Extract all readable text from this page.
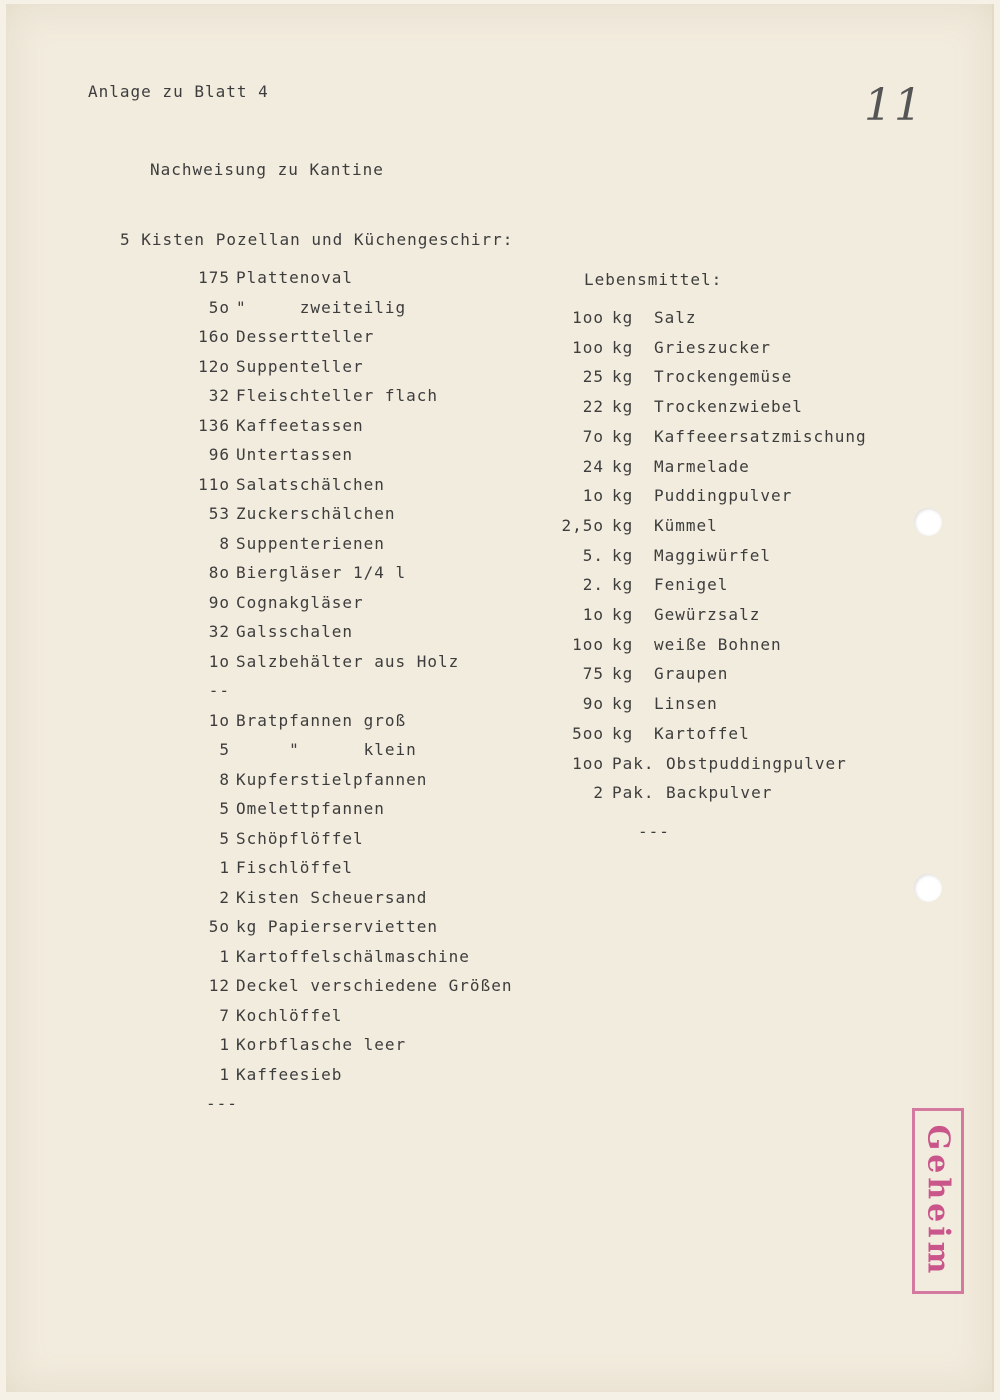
Anlage zu Blatt 4	11
Nachweisung zu Kantine
5 Kisten Pozellan und Küchengeschirr:
175 Plattenoval
5o "     zweiteilig
16o Dessertteller
12o Suppenteller
32 Fleischteller flach
136 Kaffeetassen
96 Untertassen
11o Salatschälchen
53 Zuckerschälchen
8 Suppenterienen
8o Biergläser 1/4 l
9o Cognakgläser
32 Galsschalen
1o Salzbehälter aus Holz
--
1o Bratpfannen groß
5 "      klein
8 Kupferstielpfannen
5 Omelettpfannen
5 Schöpflöffel
1 Fischlöffel
2 Kisten Scheuersand
5o kg Papierservietten
1 Kartoffelschälmaschine
12 Deckel verschiedene Größen
7 Kochlöffel
1 Korbflasche leer
1 Kaffeesieb
---
Lebensmittel:
1oo kg Salz
1oo kg Grieszucker
25 kg Trockengemüse
22 kg Trockenzwiebel
7o kg Kaffeeersatzmischung
24 kg Marmelade
1o kg Puddingpulver
2,5o kg Kümmel
5. kg Maggiwürfel
2. kg Fenigel
1o kg Gewürzsalz
1oo kg weiße Bohnen
75 kg Graupen
9o kg Linsen
5oo kg Kartoffel
1oo Pak. Obstpuddingpulver
2 Pak. Backpulver
---
Geheim
